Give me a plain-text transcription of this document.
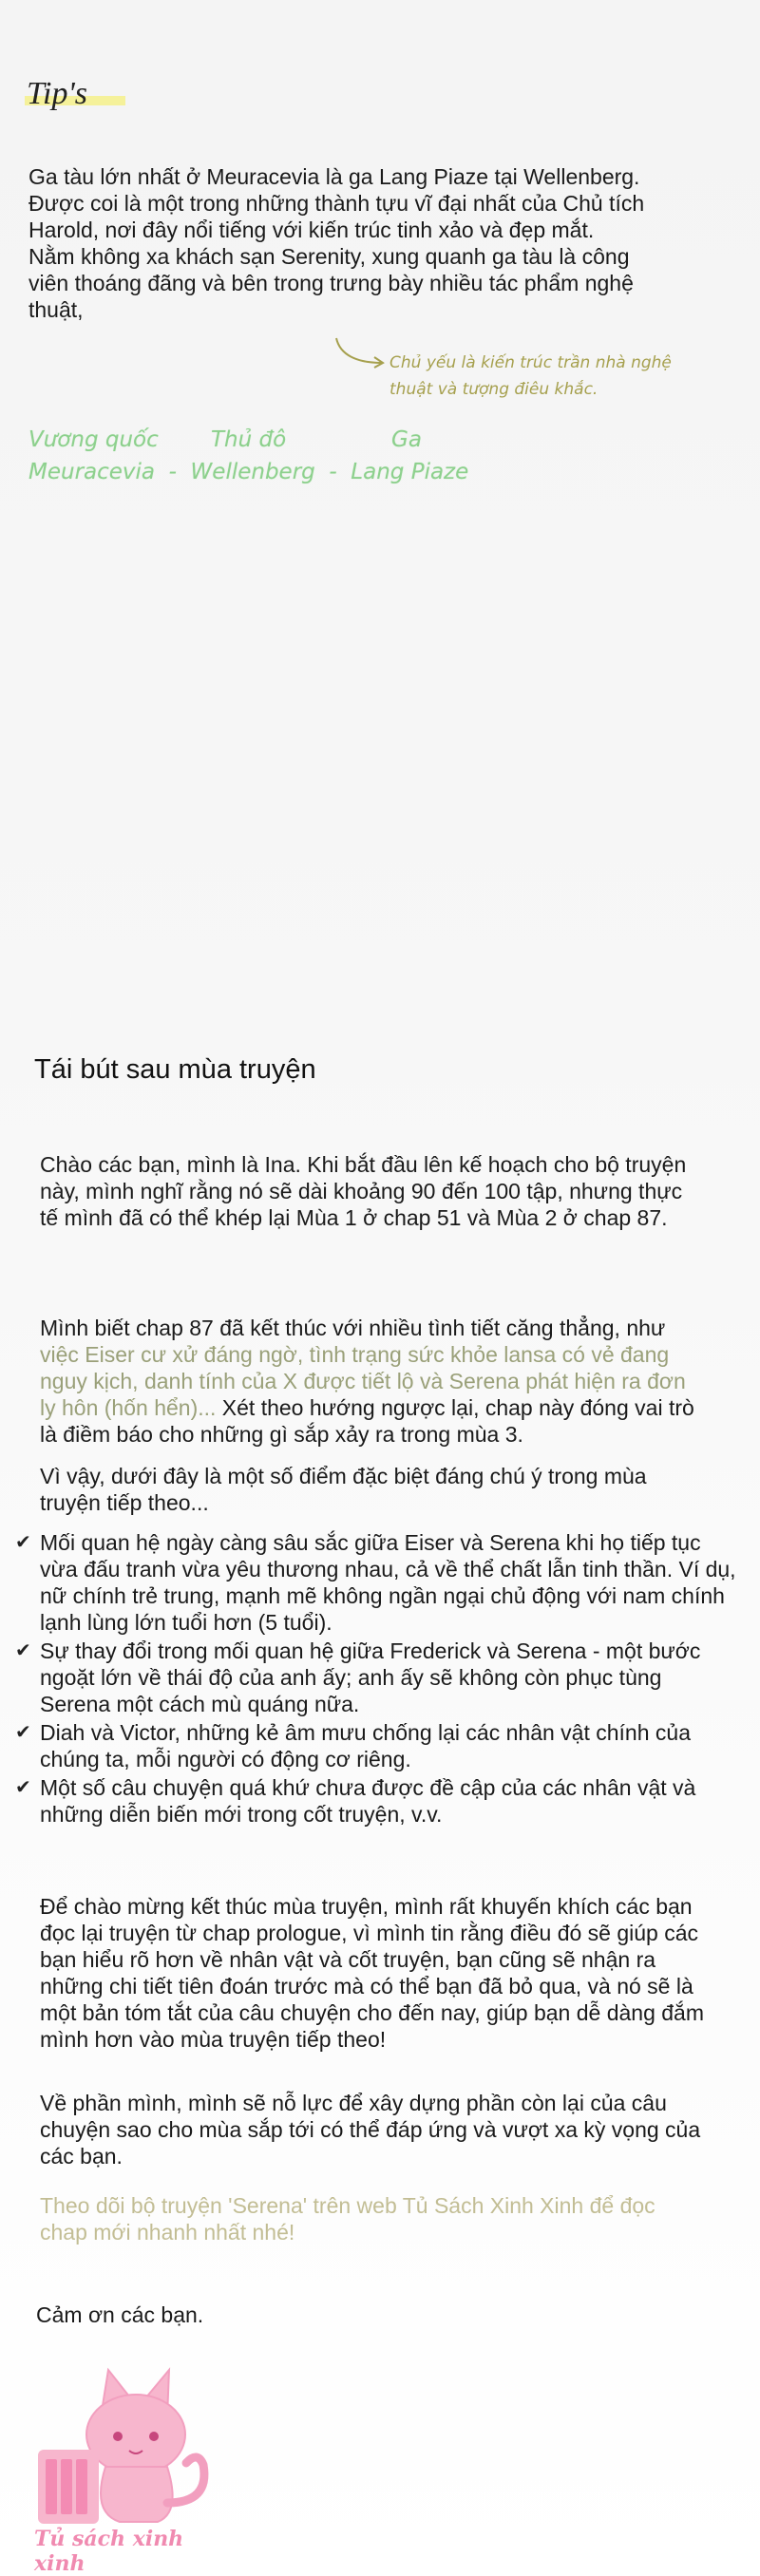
Tip's

Ga tàu lớn nhất ở Meuracevia là ga Lang Piaze tại Wellenberg. Được coi là một trong những thành tựu vĩ đại nhất của Chủ tích Harold, nơi đây nổi tiếng với kiến trúc tinh xảo và đẹp mắt. Nằm không xa khách sạn Serenity, xung quanh ga tàu là công viên thoáng đãng và bên trong trưng bày nhiều tác phẩm nghệ thuật,

Chủ yếu là kiến trúc trần nhà nghệ thuật và tượng điêu khắc.
Vương quốc Thủ đô	Ga
Meuracevia  -  Wellenberg  -  Lang Piaze
Tái bút sau mùa truyện

Chào các bạn, mình là Ina. Khi bắt đầu lên kế hoạch cho bộ truyện này, mình nghĩ rằng nó sẽ dài khoảng 90 đến 100 tập, nhưng thực tế mình đã có thể khép lại Mùa 1 ở chap 51 và Mùa 2 ở chap 87.

Mình biết chap 87 đã kết thúc với nhiều tình tiết căng thẳng, như việc Eiser cư xử đáng ngờ, tình trạng sức khỏe lansa có vẻ đang nguy kịch, danh tính của X được tiết lộ và Serena phát hiện ra đơn ly hôn (hốn hển)... Xét theo hướng ngược lại, chap này đóng vai trò là điềm báo cho những gì sắp xảy ra trong mùa 3.

Vì vậy, dưới đây là một số điểm đặc biệt đáng chú ý trong mùa truyện tiếp theo...

✔ Mối quan hệ ngày càng sâu sắc giữa Eiser và Serena khi họ tiếp tục vừa đấu tranh vừa yêu thương nhau, cả về thể chất lẫn tinh thần. Ví dụ, nữ chính trẻ trung, mạnh mẽ không ngần ngại chủ động với nam chính lạnh lùng lớn tuổi hơn (5 tuổi).
✔ Sự thay đổi trong mối quan hệ giữa Frederick và Serena - một bước ngoặt lớn về thái độ của anh ấy; anh ấy sẽ không còn phục tùng Serena một cách mù quáng nữa.
✔ Diah và Victor, những kẻ âm mưu chống lại các nhân vật chính của chúng ta, mỗi người có động cơ riêng.
✔ Một số câu chuyện quá khứ chưa được đề cập của các nhân vật và những diễn biến mới trong cốt truyện, v.v.

Để chào mừng kết thúc mùa truyện, mình rất khuyến khích các bạn đọc lại truyện từ chap prologue, vì mình tin rằng điều đó sẽ giúp các bạn hiểu rõ hơn về nhân vật và cốt truyện, bạn cũng sẽ nhận ra những chi tiết tiên đoán trước mà có thể bạn đã bỏ qua, và nó sẽ là một bản tóm tắt của câu chuyện cho đến nay, giúp bạn dễ dàng đắm mình hơn vào mùa truyện tiếp theo!

Về phần mình, mình sẽ nỗ lực để xây dựng phần còn lại của câu chuyện sao cho mùa sắp tới có thể đáp ứng và vượt xa kỳ vọng của các bạn.

Theo dõi bộ truyện 'Serena' trên web Tủ Sách Xinh Xinh để đọc chap mới nhanh nhất nhé!

Cảm ơn các bạn.

Tủ sách xinh xinh
